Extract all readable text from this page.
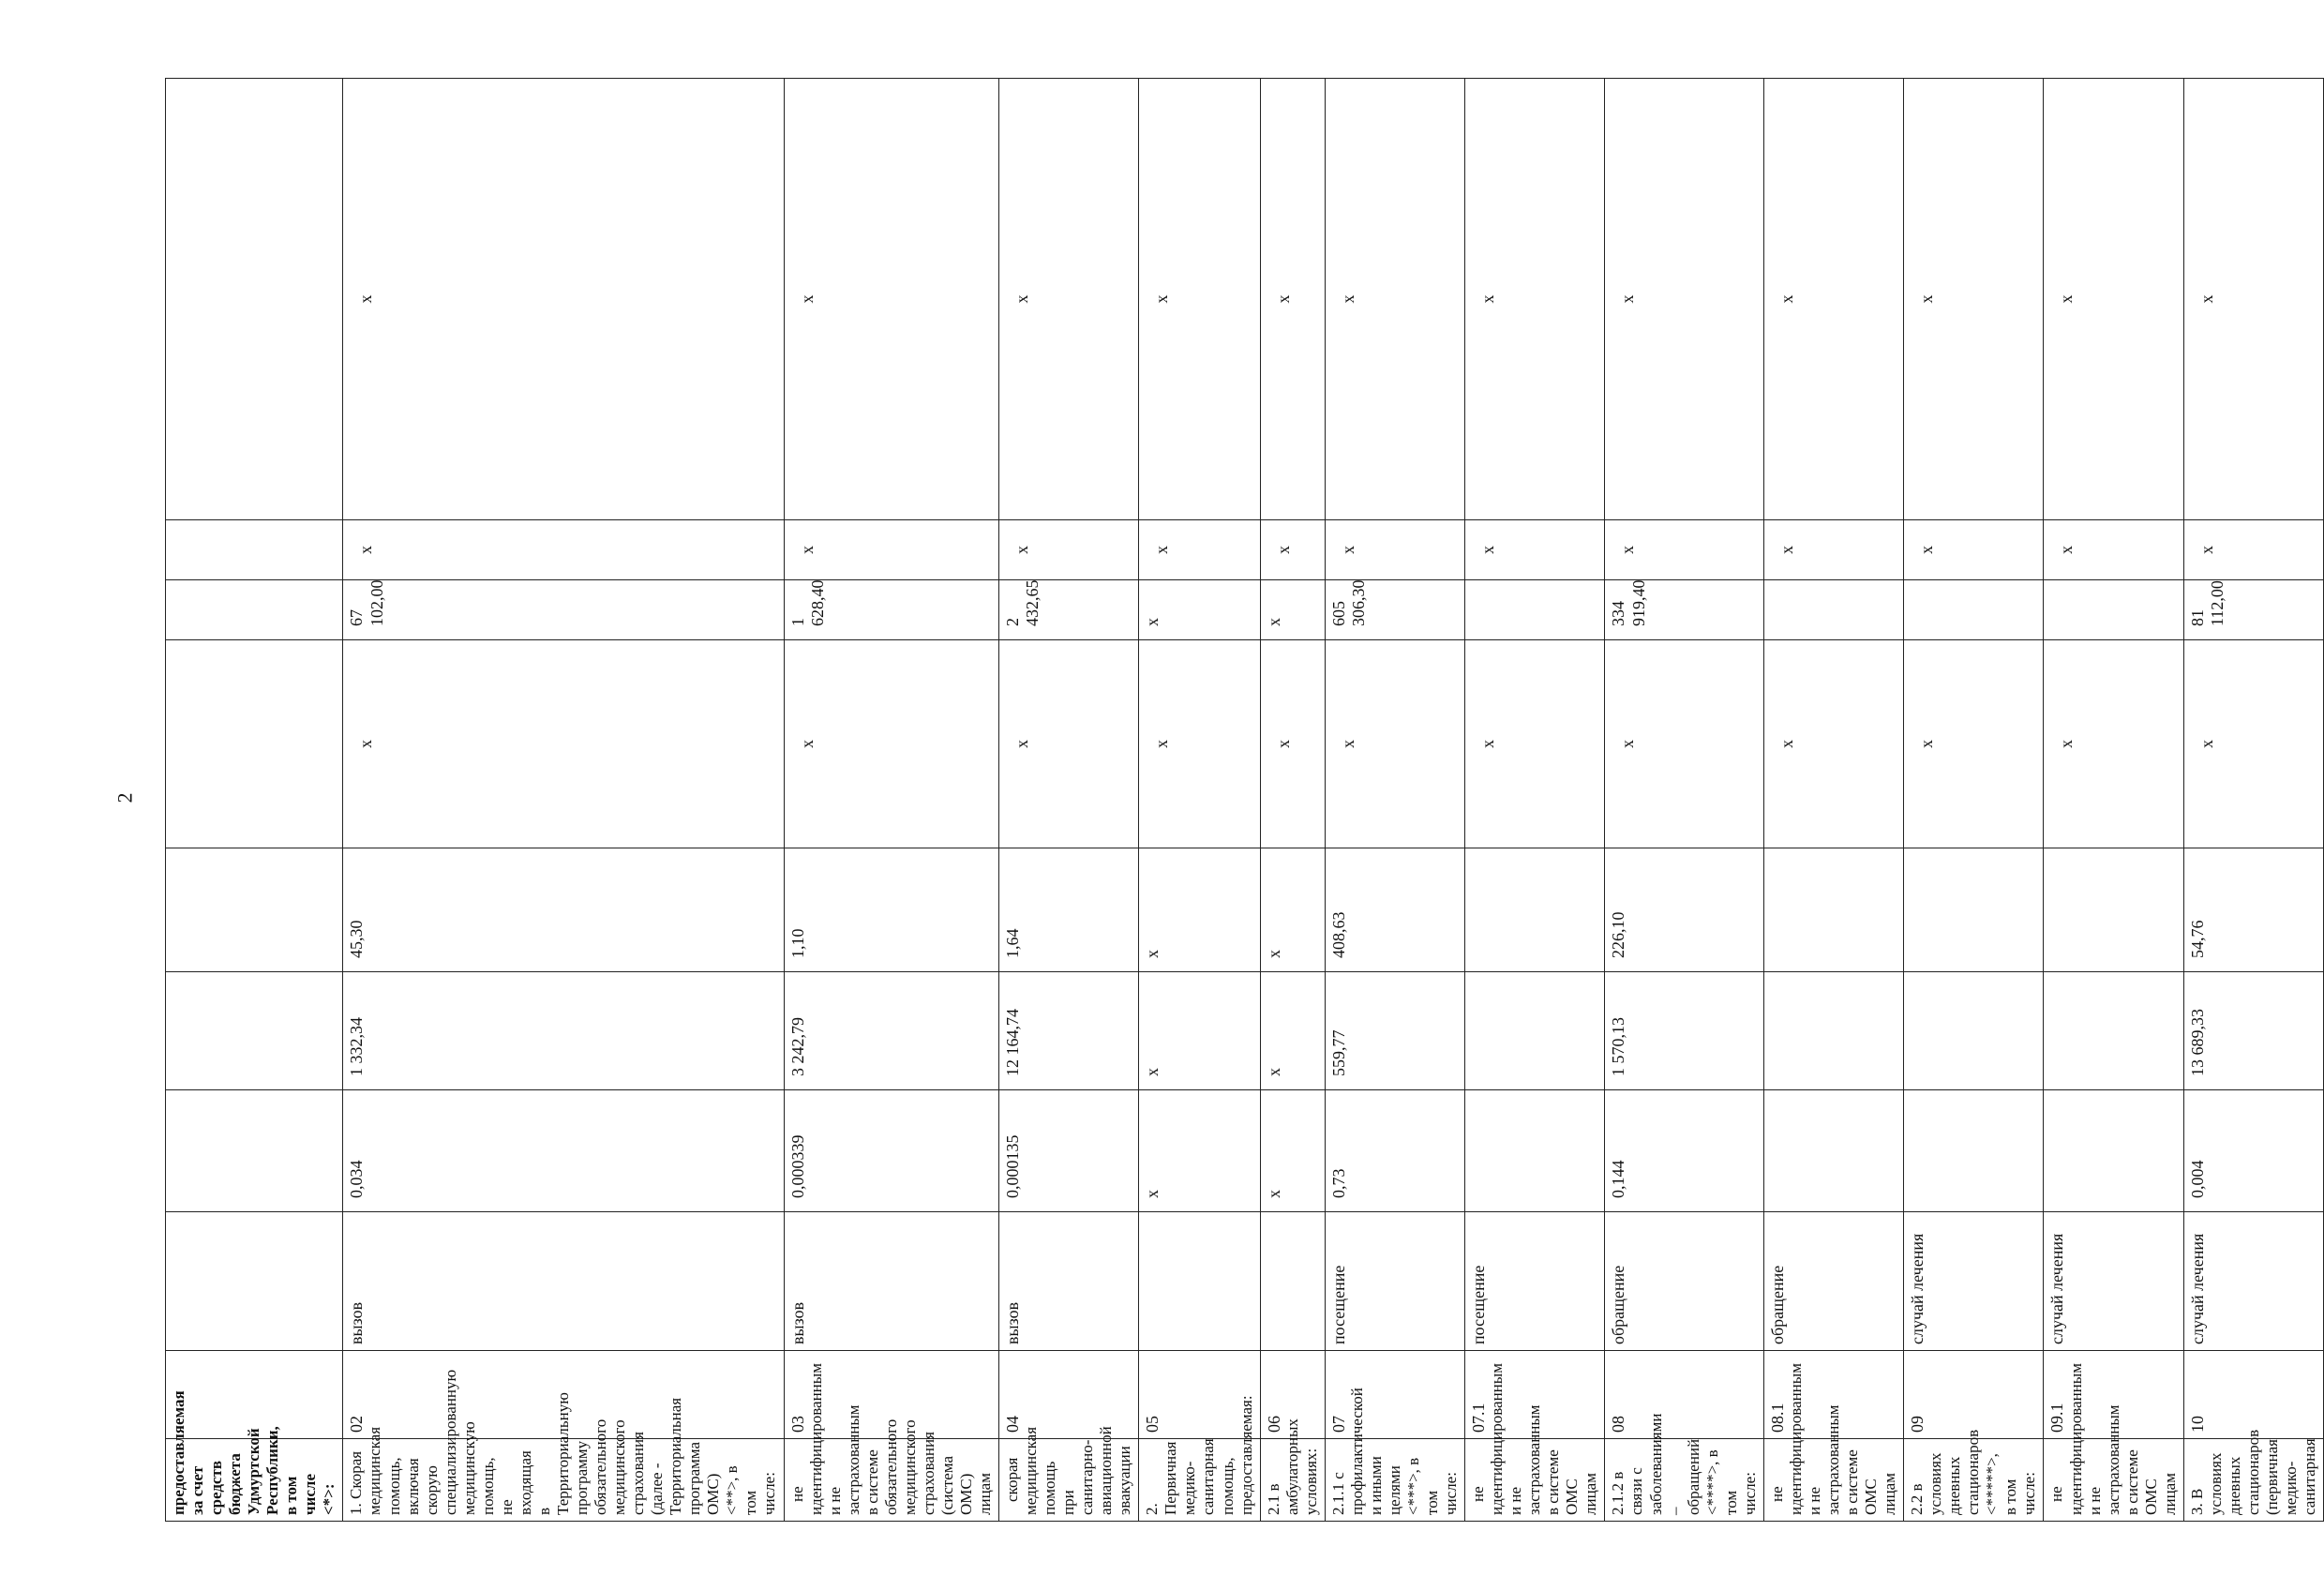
2
предоставляемая за счет средств бюджета Удмуртской Республики, в том числе <*>:									
1. Скорая медицинская помощь, включая скорую специализированную медицинскую помощь, не входящая в Территориальную программу обязательного медицинского страхования (далее - Территориальная программа ОМС) <**>, в том числе:	02	вызов	0,034	1 332,34	45,30	х	67 102,00	х	х
не идентифицированным и не застрахованным в системе обязательного медицинского страхования (система ОМС) лицам	03	вызов	0,000339	3 242,79	1,10	х	1 628,40	х	х
скорая медицинская помощь при санитарно-авиационной эвакуации	04	вызов	0,000135	12 164,74	1,64	х	2 432,65	х	х
2. Первичная медико-санитарная помощь, предоставляемая:	05		х	х	х	х	х	х	х
2.1 в амбулаторных условиях:	06		х	х	х	х	х	х	х
2.1.1 с профилактической и иными целями <***>, в том числе:	07	посещение	0,73	559,77	408,63	х	605 306,30	х	х
не идентифицированным и не застрахованным в системе ОМС лицам	07.1	посещение				х		х	х
2.1.2 в связи с заболеваниями – обращений <****>, в том числе:	08	обращение	0,144	1 570,13	226,10	х	334 919,40	х	х
не идентифицированным и не застрахованным в системе ОМС лицам	08.1	обращение				х		х	х
2.2 в условиях дневных стационаров <*****>, в том числе:	09	случай лечения				х		х	х
не идентифицированным и не застрахованным в системе ОМС лицам	09.1	случай лечения				х		х	х
3. В условиях дневных стационаров (первичная медико-санитарная	10	случай лечения	0,004	13 689,33	54,76	х	81 112,00	х	х
